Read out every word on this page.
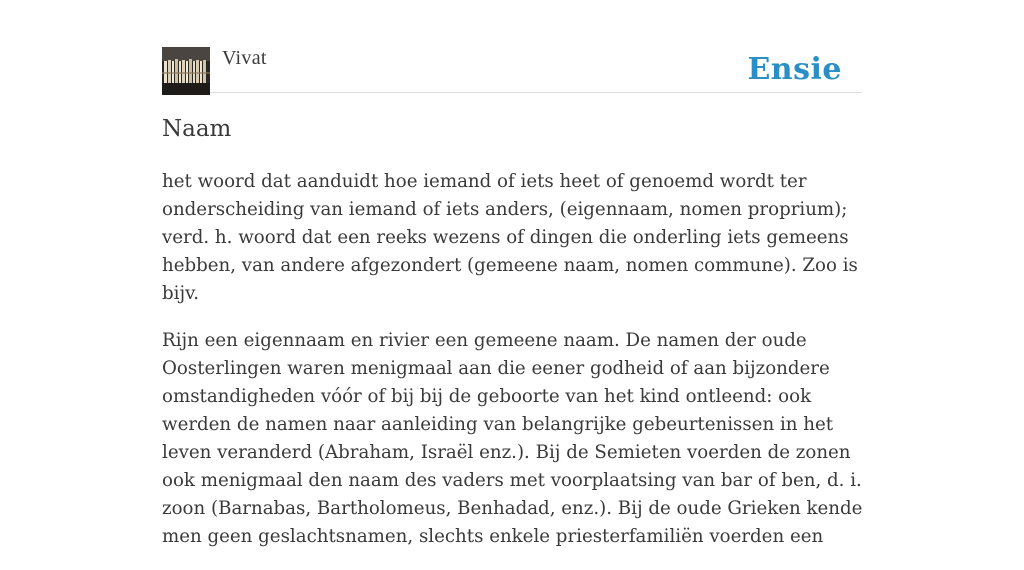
Vivat	Ensie
Naam

het woord dat aanduidt hoe iemand of iets heet of genoemd wordt ter onderscheiding van iemand of iets anders, (eigennaam, nomen proprium); verd. h. woord dat een reeks wezens of dingen die onderling iets gemeens hebben, van andere afgezondert (gemeene naam, nomen commune). Zoo is bijv.

Rijn een eigennaam en rivier een gemeene naam. De namen der oude Oosterlingen waren menigmaal aan die eener godheid of aan bijzondere omstandigheden vóór of bij bij de geboorte van het kind ontleend: ook werden de namen naar aanleiding van belangrijke gebeurtenissen in het leven veranderd (Abraham, Israël enz.). Bij de Semieten voerden de zonen ook menigmaal den naam des vaders met voorplaatsing van bar of ben, d. i. zoon (Barnabas, Bartholomeus, Benhadad, enz.). Bij de oude Grieken kende men geen geslachtsnamen, slechts enkele priesterfamiliën voerden een
